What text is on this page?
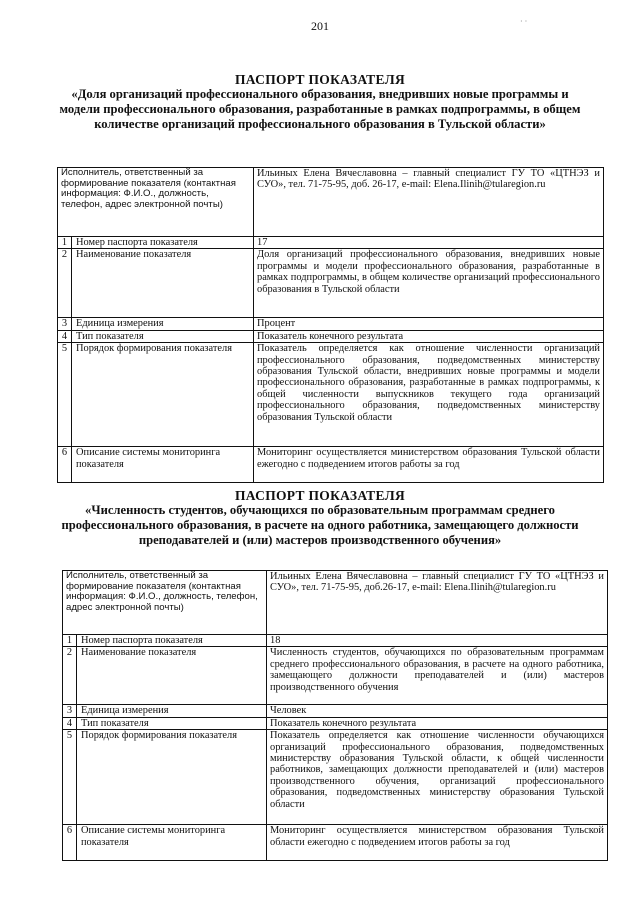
201	· ·
ПАСПОРТ ПОКАЗАТЕЛЯ
«Доля организаций профессионального образования, внедривших новые программы и модели профессионального образования, разработанные в рамках подпрограммы, в общем количестве организаций профессионального образования в Тульской области»
Исполнитель, ответственный за формирование показателя (контактная информация: Ф.И.О., должность, телефон, адрес электронной почты)		Ильиных Елена Вячеславовна – главный специалист ГУ ТО «ЦТНЭЗ и СУО», тел. 71-75-95, доб. 26-17, e-mail: Elena.Ilinih@tularegion.ru
1	Номер паспорта показателя	17
2	Наименование показателя	Доля организаций профессионального образования, внедривших новые программы и модели профессионального образования, разработанные в рамках подпрограммы, в общем количестве организаций профессионального образования в Тульской области
3	Единица измерения	Процент
4	Тип показателя	Показатель конечного результата
5	Порядок формирования показателя	Показатель определяется как отношение численности организаций профессионального образования, подведомственных министерству образования Тульской области, внедривших новые программы и модели профессионального образования, разработанные в рамках подпрограммы, к общей численности выпускников текущего года организаций профессионального образования, подведомственных министерству образования Тульской области
6	Описание системы мониторинга показателя	Мониторинг осуществляется министерством образования Тульской области ежегодно с подведением итогов работы за год
ПАСПОРТ ПОКАЗАТЕЛЯ
«Численность студентов, обучающихся по образовательным программам среднего профессионального образования, в расчете на одного работника, замещающего должности преподавателей и (или) мастеров производственного обучения»
Исполнитель, ответственный за формирование показателя (контактная информация: Ф.И.О., должность, телефон, адрес электронной почты)		Ильиных Елена Вячеславовна – главный специалист ГУ ТО «ЦТНЭЗ и СУО», тел. 71-75-95, доб.26-17, e-mail: Elena.Ilinih@tularegion.ru
1	Номер паспорта показателя	18
2	Наименование показателя	Численность студентов, обучающихся по образовательным программам среднего профессионального образования, в расчете на одного работника, замещающего должности преподавателей и (или) мастеров производственного обучения
3	Единица измерения	Человек
4	Тип показателя	Показатель конечного результата
5	Порядок формирования показателя	Показатель определяется как отношение численности обучающихся организаций профессионального образования, подведомственных министерству образования Тульской области, к общей численности работников, замещающих должности преподавателей и (или) мастеров производственного обучения, организаций профессионального образования, подведомственных министерству образования Тульской области
6	Описание системы мониторинга показателя	Мониторинг осуществляется министерством образования Тульской области ежегодно с подведением итогов работы за год
